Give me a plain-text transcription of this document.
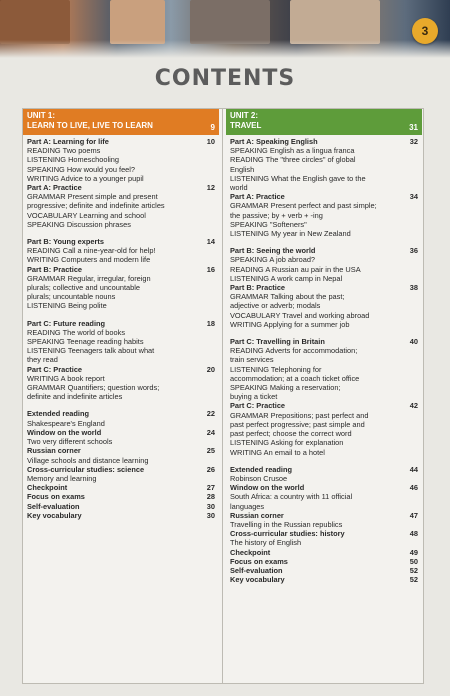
3
CONTENTS
UNIT 1:
LEARN TO LIVE, LIVE TO LEARN	9
Part A: Learning for life	10
READING Two poems
LISTENING Homeschooling
SPEAKING How would you feel?
WRITING Advice to a younger pupil
Part A: Practice	12
GRAMMAR Present simple and present
progressive; definite and indefinite articles
VOCABULARY Learning and school
SPEAKING Discussion phrases
Part B: Young experts	14
READING Call a nine-year-old for help!
WRITING Computers and modern life
Part B: Practice	16
GRAMMAR Regular, irregular, foreign
plurals; collective and uncountable
plurals; uncountable nouns
LISTENING Being polite
Part C: Future reading	18
READING The world of books
SPEAKING Teenage reading habits
LISTENING Teenagers talk about what
they read
Part C: Practice	20
WRITING A book report
GRAMMAR Quantifiers; question words;
definite and indefinite articles
Extended reading	22
Shakespeare's England
Window on the world	24
Two very different schools
Russian corner	25
Village schools and distance learning
Cross-curricular studies: science	26
Memory and learning
Checkpoint	27
Focus on exams	28
Self-evaluation	30
Key vocabulary	30
UNIT 2:
TRAVEL	31
Part A: Speaking English	32
SPEAKING English as a lingua franca
READING The "three circles" of global
English
LISTENING What the English gave to the
world
Part A: Practice	34
GRAMMAR Present perfect and past simple;
the passive; by + verb + -ing
SPEAKING "Softeners"
LISTENING My year in New Zealand
Part B: Seeing the world	36
SPEAKING A job abroad?
READING A Russian au pair in the USA
LISTENING A work camp in Nepal
Part B: Practice	38
GRAMMAR Talking about the past;
adjective or adverb; modals
VOCABULARY Travel and working abroad
WRITING Applying for a summer job
Part C: Travelling in Britain	40
READING Adverts for accommodation;
train services
LISTENING Telephoning for
accommodation; at a coach ticket office
SPEAKING Making a reservation;
buying a ticket
Part C: Practice	42
GRAMMAR Prepositions; past perfect and
past perfect progressive; past simple and
past perfect; choose the correct word
LISTENING Asking for explanation
WRITING An email to a hotel
Extended reading	44
Robinson Crusoe
Window on the world	46
South Africa: a country with 11 official
languages
Russian corner	47
Travelling in the Russian republics
Cross-curricular studies: history	48
The history of English
Checkpoint	49
Focus on exams	50
Self-evaluation	52
Key vocabulary	52
